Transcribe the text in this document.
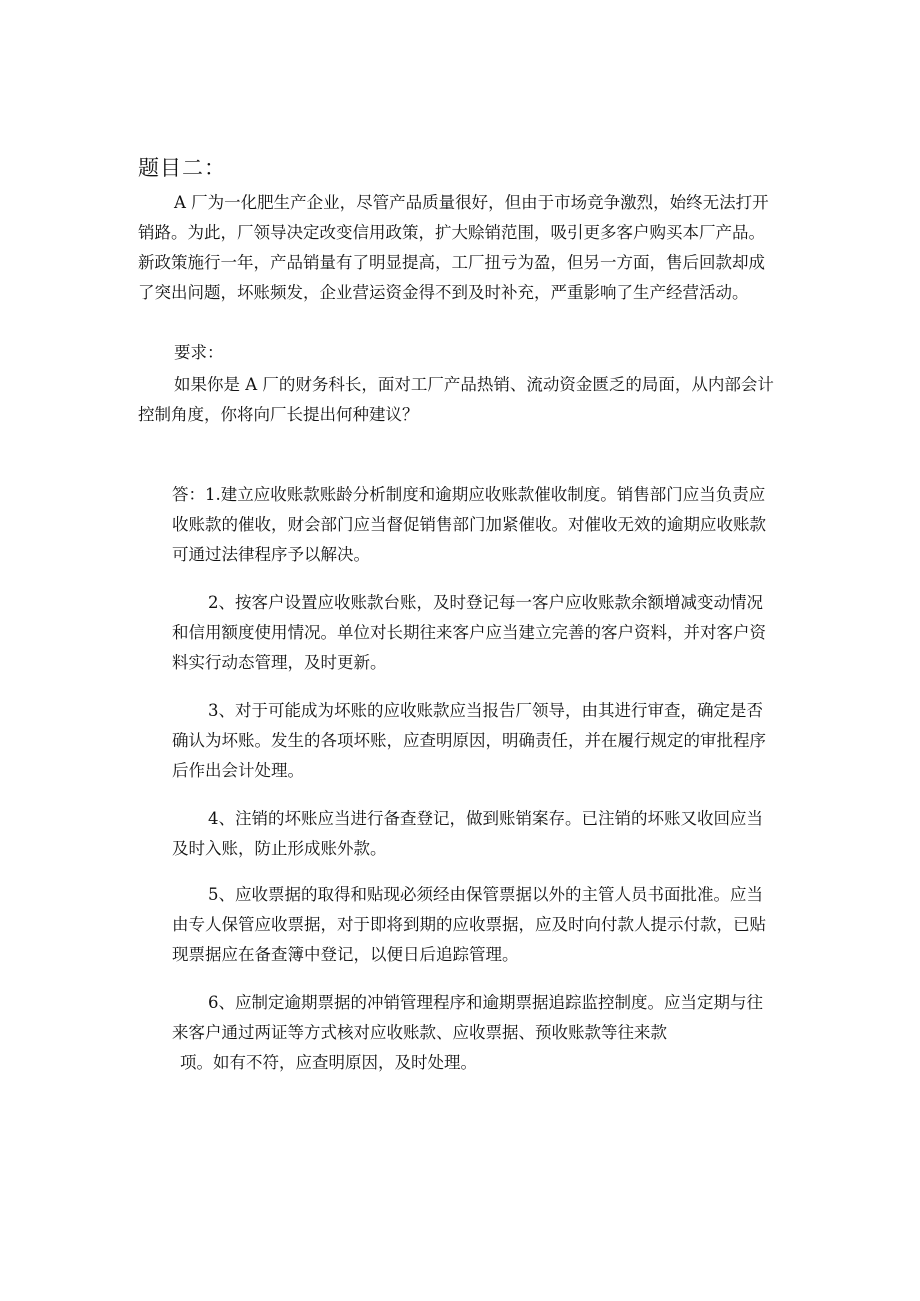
题目二：
A 厂为一化肥生产企业，尽管产品质量很好，但由于市场竞争激烈，始终无法打开
销路。为此，厂领导决定改变信用政策，扩大赊销范围，吸引更多客户购买本厂产品。
新政策施行一年，产品销量有了明显提高，工厂扭亏为盈，但另一方面，售后回款却成
了突出问题，坏账频发，企业营运资金得不到及时补充，严重影响了生产经营活动。
要求：
如果你是 A 厂的财务科长，面对工厂产品热销、流动资金匮乏的局面，从内部会计
控制角度，你将向厂长提出何种建议？
答：1.建立应收账款账龄分析制度和逾期应收账款催收制度。销售部门应当负责应
收账款的催收，财会部门应当督促销售部门加紧催收。对催收无效的逾期应收账款
可通过法律程序予以解决。
2、按客户设置应收账款台账，及时登记每一客户应收账款余额增减变动情况
和信用额度使用情况。单位对长期往来客户应当建立完善的客户资料，并对客户资
料实行动态管理，及时更新。
3、对于可能成为坏账的应收账款应当报告厂领导，由其进行审查，确定是否
确认为坏账。发生的各项坏账，应查明原因，明确责任，并在履行规定的审批程序
后作出会计处理。
4、注销的坏账应当进行备查登记，做到账销案存。已注销的坏账又收回应当
及时入账，防止形成账外款。
5、应收票据的取得和贴现必须经由保管票据以外的主管人员书面批准。应当
由专人保管应收票据，对于即将到期的应收票据，应及时向付款人提示付款，已贴
现票据应在备查簿中登记，以便日后追踪管理。
6、应制定逾期票据的冲销管理程序和逾期票据追踪监控制度。应当定期与往
来客户通过两证等方式核对应收账款、应收票据、预收账款等往来款
项。如有不符，应查明原因，及时处理。
